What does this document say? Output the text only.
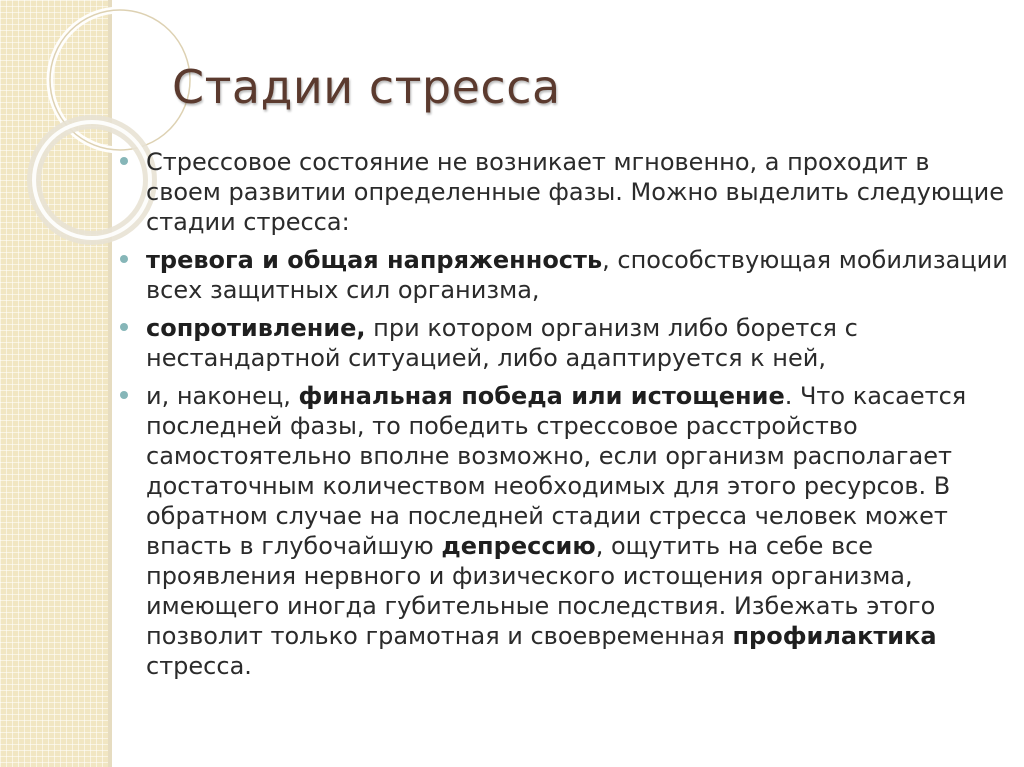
Стадии стресса
Стрессовое состояние не возникает мгновенно, а проходит в своем развитии определенные фазы. Можно выделить следующие стадии стресса:
тревога и общая напряженность, способствующая мобилизации всех защитных сил организма,
сопротивление, при котором организм либо борется с нестандартной ситуацией, либо адаптируется к ней,
и, наконец, финальная победа или истощение. Что касается последней фазы, то победить стрессовое расстройство самостоятельно вполне возможно, если организм располагает достаточным количеством необходимых для этого ресурсов. В обратном случае на последней стадии стресса человек может впасть в глубочайшую депрессию, ощутить на себе все проявления нервного и физического истощения организма, имеющего иногда губительные последствия. Избежать этого позволит только грамотная и своевременная профилактика стресса.
